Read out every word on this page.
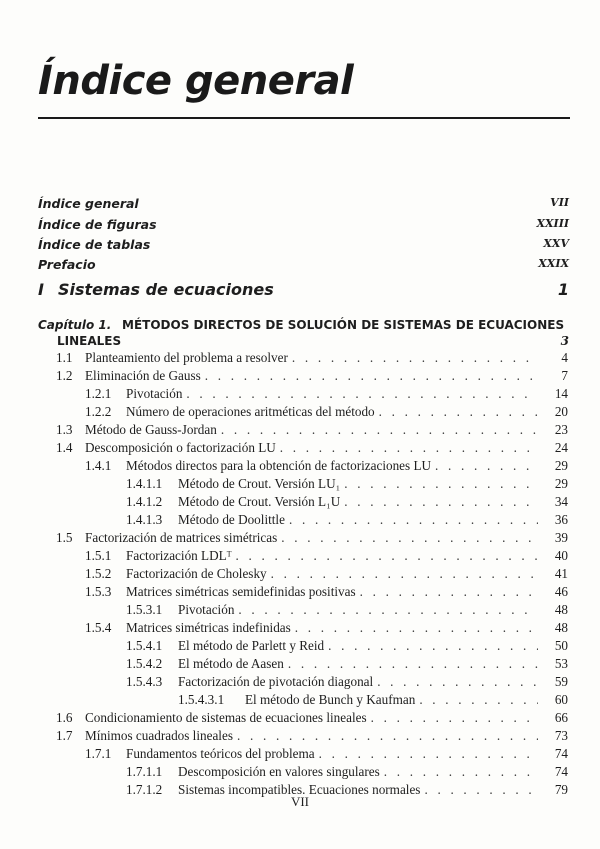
Índice general
Índice general	VII
Índice de figuras	XXIII
Índice de tablas	XXV
Prefacio	XXIX
I Sistemas de ecuaciones	1
Capítulo 1. MÉTODOS DIRECTOS DE SOLUCIÓN DE SISTEMAS DE ECUACIONES
LINEALES	3
1.1 Planteamiento del problema a resolver . . .	4
1.2 Eliminación de Gauss . . .	7
1.2.1	Pivotación . . .	14
1.2.2	Número de operaciones aritméticas del método . . .	20
1.3 Método de Gauss-Jordan . . .	23
1.4 Descomposición o factorización LU . . .	24
1.4.1	Métodos directos para la obtención de factorizaciones LU . . .	29
1.4.1.1	Método de Crout. Versión LU₁ . . .	29
1.4.1.2	Método de Crout. Versión L₁U . . .	34
1.4.1.3	Método de Doolittle . . .	36
1.5 Factorización de matrices simétricas . . .	39
1.5.1	Factorización LDLᵀ . . .	40
1.5.2	Factorización de Cholesky . . .	41
1.5.3	Matrices simétricas semidefinidas positivas . . .	46
1.5.3.1	Pivotación . . .	48
1.5.4	Matrices simétricas indefinidas . . .	48
1.5.4.1	El método de Parlett y Reid . . .	50
1.5.4.2	El método de Aasen . . .	53
1.5.4.3	Factorización de pivotación diagonal . . .	59
1.5.4.3.1	El método de Bunch y Kaufman . . .	60
1.6 Condicionamiento de sistemas de ecuaciones lineales . . .	66
1.7 Mínimos cuadrados lineales . . .	73
1.7.1	Fundamentos teóricos del problema . . .	74
1.7.1.1	Descomposición en valores singulares . . .	74
1.7.1.2	Sistemas incompatibles. Ecuaciones normales . . .	79
VII
